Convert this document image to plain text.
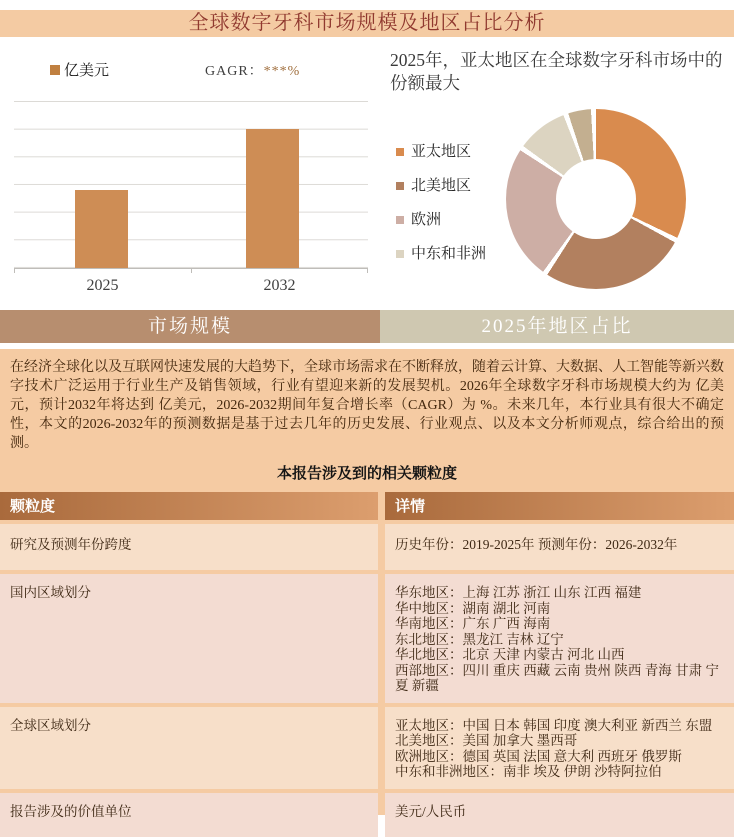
全球数字牙科市场规模及地区占比分析
亿美元	GAGR：***%
2025	2032
2025年，亚太地区在全球数字牙科市场中的份额最大
亚太地区
北美地区
欧洲
中东和非洲
市场规模	2025年地区占比

在经济全球化以及互联网快速发展的大趋势下，全球市场需求在不断释放，随着云计算、大数据、人工智能等新兴数字技术广泛运用于行业生产及销售领域，行业有望迎来新的发展契机。2026年全球数字牙科市场规模大约为 亿美元，预计2032年将达到 亿美元，2026-2032期间年复合增长率（CAGR）为 %。未来几年，本行业具有很大不确定性，本文的2026-2032年的预测数据是基于过去几年的历史发展、行业观点、以及本文分析师观点，综合给出的预测。

本报告涉及到的相关颗粒度
颗粒度	详情
研究及预测年份跨度	历史年份：2019-2025年 预测年份：2026-2032年
国内区域划分	华东地区：上海 江苏 浙江 山东 江西 福建
华中地区：湖南 湖北 河南
华南地区：广东 广西 海南
东北地区：黑龙江 吉林 辽宁
华北地区：北京 天津 内蒙古 河北 山西
西部地区：四川 重庆 西藏 云南 贵州 陕西 青海 甘肃 宁夏 新疆
全球区域划分	亚太地区：中国 日本 韩国 印度 澳大利亚 新西兰 东盟
北美地区：美国 加拿大 墨西哥
欧洲地区：德国 英国 法国 意大利 西班牙 俄罗斯
中东和非洲地区：南非 埃及 伊朗 沙特阿拉伯
报告涉及的价值单位	美元/人民币
